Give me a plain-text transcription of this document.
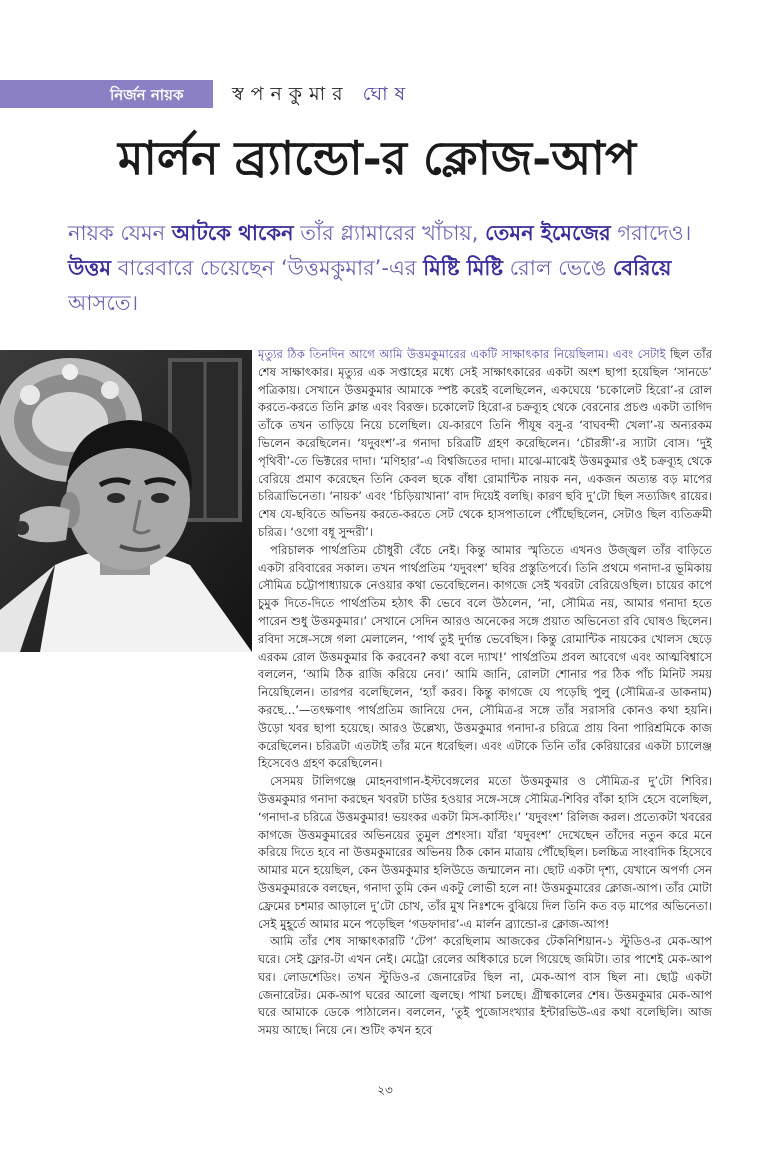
নির্জন নায়ক	স্বপনকুমার ঘোষ
মার্লন ব্র্যান্ডো-র ক্লোজ-আপ
নায়ক যেমন আটকে থাকেন তাঁর গ্ল্যামারের খাঁচায়, তেমন ইমেজের গরাদেও। উত্তম বারেবারে চেয়েছেন ‘উত্তমকুমার’-এর মিষ্টি মিষ্টি রোল ভেঙে বেরিয়ে আসতে।

মৃত্যুর ঠিক তিনদিন আগে আমি উত্তমকুমারের একটি সাক্ষাৎকার নিয়েছিলাম। এবং সেটাই ছিল তাঁর শেষ সাক্ষাৎকার। মৃত্যুর এক সপ্তাহের মধ্যে সেই সাক্ষাৎকারের একটা অংশ ছাপা হয়েছিল ‘সানডে’ পত্রিকায়। সেখানে উত্তমকুমার আমাকে স্পষ্ট করেই বলেছিলেন, একঘেয়ে ‘চকোলেট হিরো’-র রোল করতে-করতে তিনি ক্লান্ত এবং বিরক্ত। চকোলেট হিরো-র চক্রব্যূহ থেকে বেরনোর প্রচণ্ড একটা তাগিদ তাঁকে তখন তাড়িয়ে নিয়ে চলেছিল। যে-কারণে তিনি পীযূষ বসু-র ‘বাঘবন্দী খেলা’-য় অন্যরকম ভিলেন করেছিলেন। ‘যদুবংশ’-র গনাদা চরিত্রটি গ্রহণ করেছিলেন। ‘চৌরঙ্গী’-র স্যাটা বোস। ‘দুই পৃথিবী’-তে ভিক্টরের দাদা। ‘মণিহার’-এ বিশ্বজিতের দাদা। মাঝে-মাঝেই উত্তমকুমার ওই চক্রব্যূহ থেকে বেরিয়ে প্রমাণ করেছেন তিনি কেবল ছকে বাঁধা রোমান্টিক নায়ক নন, একজন অত্যন্ত বড় মাপের চরিত্রাভিনেতা। ‘নায়ক’ এবং ‘চিড়িয়াখানা’ বাদ দিয়েই বলছি। কারণ ছবি দু’টো ছিল সত্যজিৎ রায়ের। শেষ যে-ছবিতে অভিনয় করতে-করতে সেট থেকে হাসপাতালে পৌঁছেছিলেন, সেটাও ছিল ব্যতিক্রমী চরিত্র। ‘ওগো বধূ সুন্দরী’।

পরিচালক পার্থপ্রতিম চৌধুরী বেঁচে নেই। কিন্তু আমার স্মৃতিতে এখনও উজ্জ্বল তাঁর বাড়িতে একটা রবিবারের সকাল। তখন পার্থপ্রতিম ‘যদুবংশ’ ছবির প্রস্তুতিপর্বে। তিনি প্রথমে গনাদা-র ভূমিকায় সৌমিত্র চট্টোপাধ্যায়কে নেওয়ার কথা ভেবেছিলেন। কাগজে সেই খবরটা বেরিয়েওছিল। চায়ের কাপে চুমুক দিতে-দিতে পার্থপ্রতিম হঠাৎ কী ভেবে বলে উঠলেন, ‘না, সৌমিত্র নয়, আমার গনাদা হতে পারেন শুধু উত্তমকুমার।’ সেখানে সেদিন আরও অনেকের সঙ্গে প্রয়াত অভিনেতা রবি ঘোষও ছিলেন। রবিদা সঙ্গে-সঙ্গে গলা মেলালেন, ‘পার্থ তুই দুর্দান্ত ভেবেছিস। কিন্তু রোমান্টিক নায়কের খোলস ছেড়ে এরকম রোল উত্তমকুমার কি করবেন? কথা বলে দ্যাখ!’ পার্থপ্রতিম প্রবল আবেগে এবং আত্মবিশ্বাসে বললেন, ‘আমি ঠিক রাজি করিয়ে নেব।’ আমি জানি, রোলটা শোনার পর ঠিক পাঁচ মিনিট সময় নিয়েছিলেন। তারপর বলেছিলেন, ‘হ্যাঁ করব। কিন্তু কাগজে যে পড়েছি পুলু (সৌমিত্র-র ডাকনাম) করছে...’—তৎক্ষণাৎ পার্থপ্রতিম জানিয়ে দেন, সৌমিত্র-র সঙ্গে তাঁর সরাসরি কোনও কথা হয়নি। উড়ো খবর ছাপা হয়েছে। আরও উল্লেখ্য, উত্তমকুমার গনাদা-র চরিত্রে প্রায় বিনা পারিশ্রমিকে কাজ করেছিলেন। চরিত্রটা এতটাই তাঁর মনে ধরেছিল। এবং এটাকে তিনি তাঁর কেরিয়ারের একটা চ্যালেঞ্জ হিসেবেও গ্রহণ করেছিলেন।

সেসময় টালিগঞ্জে মোহনবাগান-ইস্টবেঙ্গলের মতো উত্তমকুমার ও সৌমিত্র-র দু’টো শিবির। উত্তমকুমার গনাদা করছেন খবরটা চাউর হওয়ার সঙ্গে-সঙ্গে সৌমিত্র-শিবির বাঁকা হাসি হেসে বলেছিল, ‘গনাদা-র চরিত্রে উত্তমকুমার! ভয়ংকর একটা মিস-কাস্টিং।’ ‘যদুবংশ’ রিলিজ করল। প্রত্যেকটা খবরের কাগজে উত্তমকুমারের অভিনয়ের তুমুল প্রশংসা। যাঁরা ‘যদুবংশ’ দেখেছেন তাঁদের নতুন করে মনে করিয়ে দিতে হবে না উত্তমকুমারের অভিনয় ঠিক কোন মাত্রায় পৌঁছেছিল। চলচ্চিত্র সাংবাদিক হিসেবে আমার মনে হয়েছিল, কেন উত্তমকুমার হলিউডে জন্মালেন না। ছোট একটা দৃশ্য, যেখানে অপর্ণা সেন উত্তমকুমারকে বলছেন, গনাদা তুমি কেন একটু লোভী হলে না! উত্তমকুমারের ক্লোজ-আপ। তাঁর মোটা ফ্রেমের চশমার আড়ালে দু’টো চোখ, তাঁর মুখ নিঃশব্দে বুঝিয়ে দিল তিনি কত বড় মাপের অভিনেতা। সেই মুহূর্তে আমার মনে পড়েছিল ‘গডফাদার’-এ মার্লন ব্র্যান্ডো-র ক্লোজ-আপ!

আমি তাঁর শেষ সাক্ষাৎকারটি ‘টেপ’ করেছিলাম আজকের টেকনিশিয়ান-১ স্টুডিও-র মেক-আপ ঘরে। সেই ফ্লোর-টা এখন নেই। মেট্রো রেলের অধিকারে চলে গিয়েছে জমিটা। তার পাশেই মেক-আপ ঘর। লোডশেডিং। তখন স্টুডিও-র জেনারেটর ছিল না, মেক-আপ বাস ছিল না। ছোট্ট একটা জেনারেটর। মেক-আপ ঘরের আলো জ্বলছে। পাখা চলছে। গ্রীষ্মকালের শেষ। উত্তমকুমার মেক-আপ ঘরে আমাকে ডেকে পাঠালেন। বললেন, ‘তুই পুজোসংখ্যার ইন্টারভিউ-এর কথা বলেছিলি। আজ সময় আছে। নিয়ে নে। শুটিং কখন হবে

২৩
